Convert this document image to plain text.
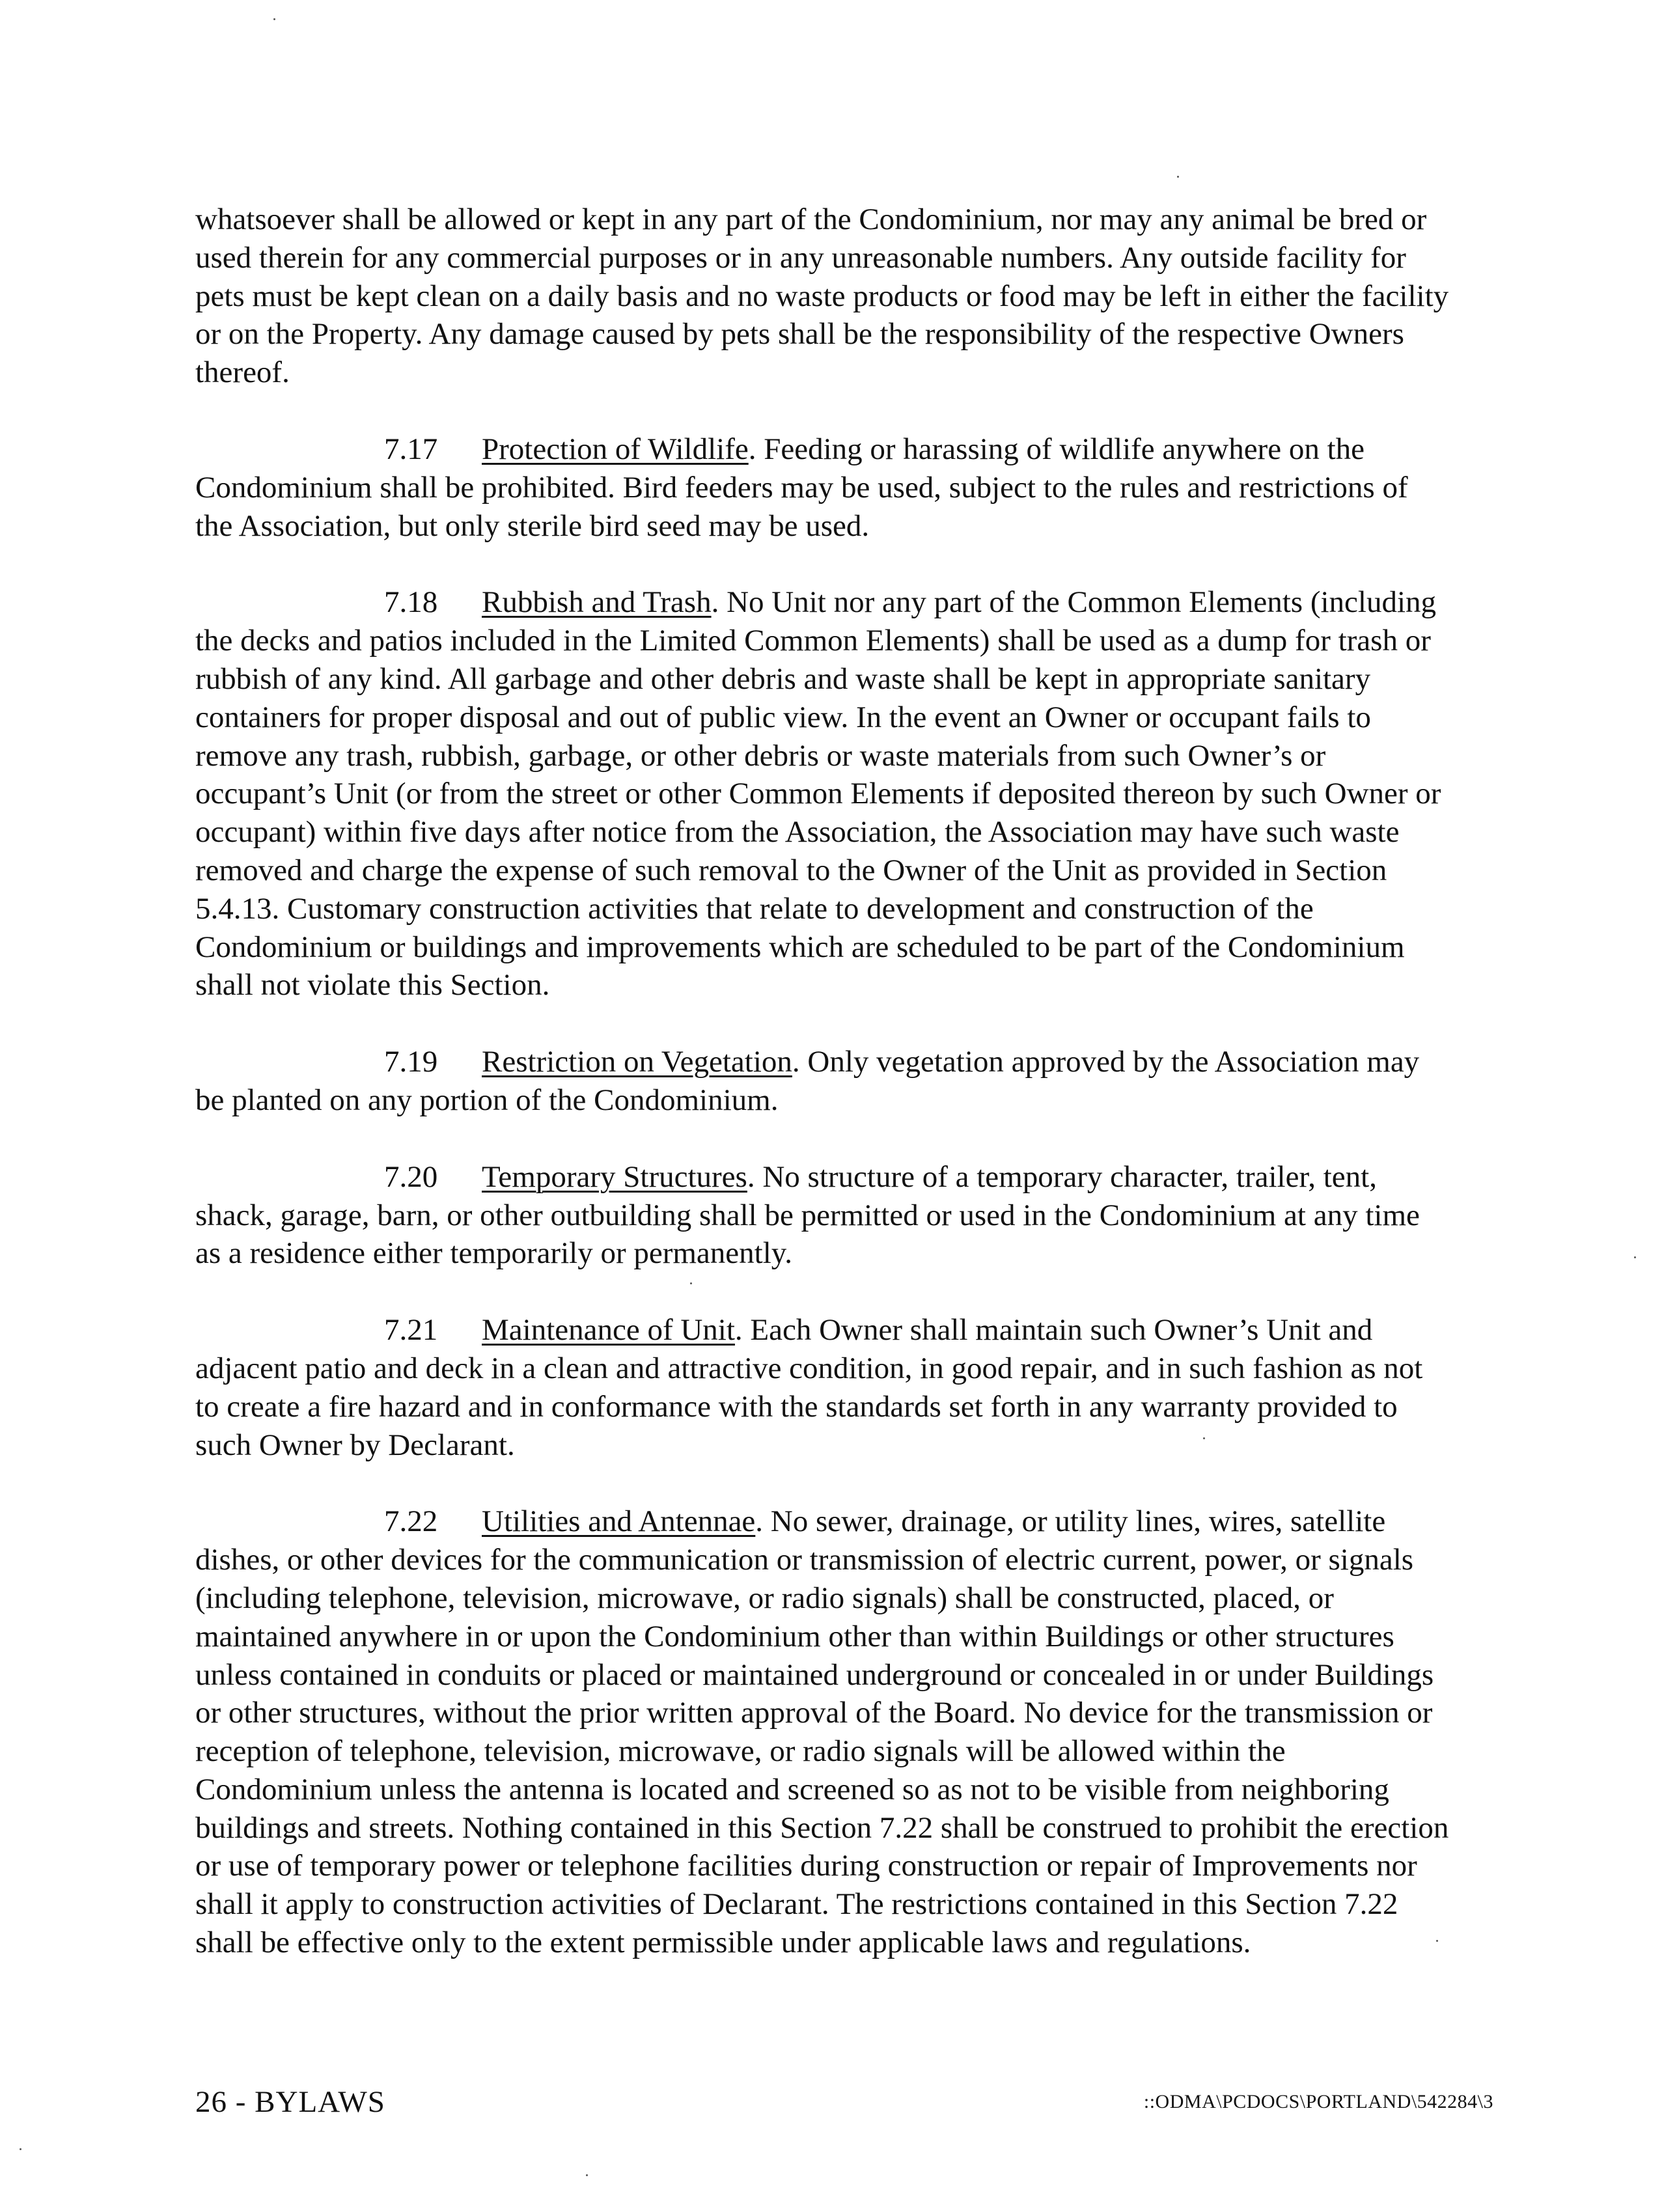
whatsoever shall be allowed or kept in any part of the Condominium, nor may any animal be bred or used therein for any commercial purposes or in any unreasonable numbers. Any outside facility for pets must be kept clean on a daily basis and no waste products or food may be left in either the facility or on the Property. Any damage caused by pets shall be the responsibility of the respective Owners thereof.

7.17 Protection of Wildlife. Feeding or harassing of wildlife anywhere on the Condominium shall be prohibited. Bird feeders may be used, subject to the rules and restrictions of the Association, but only sterile bird seed may be used.

7.18 Rubbish and Trash. No Unit nor any part of the Common Elements (including the decks and patios included in the Limited Common Elements) shall be used as a dump for trash or rubbish of any kind. All garbage and other debris and waste shall be kept in appropriate sanitary containers for proper disposal and out of public view. In the event an Owner or occupant fails to remove any trash, rubbish, garbage, or other debris or waste materials from such Owner’s or occupant’s Unit (or from the street or other Common Elements if deposited thereon by such Owner or occupant) within five days after notice from the Association, the Association may have such waste removed and charge the expense of such removal to the Owner of the Unit as provided in Section 5.4.13. Customary construction activities that relate to development and construction of the Condominium or buildings and improvements which are scheduled to be part of the Condominium shall not violate this Section.

7.19 Restriction on Vegetation. Only vegetation approved by the Association may be planted on any portion of the Condominium.

7.20 Temporary Structures. No structure of a temporary character, trailer, tent, shack, garage, barn, or other outbuilding shall be permitted or used in the Condominium at any time as a residence either temporarily or permanently.

7.21 Maintenance of Unit. Each Owner shall maintain such Owner’s Unit and adjacent patio and deck in a clean and attractive condition, in good repair, and in such fashion as not to create a fire hazard and in conformance with the standards set forth in any warranty provided to such Owner by Declarant.

7.22 Utilities and Antennae. No sewer, drainage, or utility lines, wires, satellite dishes, or other devices for the communication or transmission of electric current, power, or signals (including telephone, television, microwave, or radio signals) shall be constructed, placed, or maintained anywhere in or upon the Condominium other than within Buildings or other structures unless contained in conduits or placed or maintained underground or concealed in or under Buildings or other structures, without the prior written approval of the Board. No device for the transmission or reception of telephone, television, microwave, or radio signals will be allowed within the Condominium unless the antenna is located and screened so as not to be visible from neighboring buildings and streets. Nothing contained in this Section 7.22 shall be construed to prohibit the erection or use of temporary power or telephone facilities during construction or repair of Improvements nor shall it apply to construction activities of Declarant. The restrictions contained in this Section 7.22 shall be effective only to the extent permissible under applicable laws and regulations.

26 - BYLAWS	::ODMA\PCDOCS\PORTLAND\542284\3
